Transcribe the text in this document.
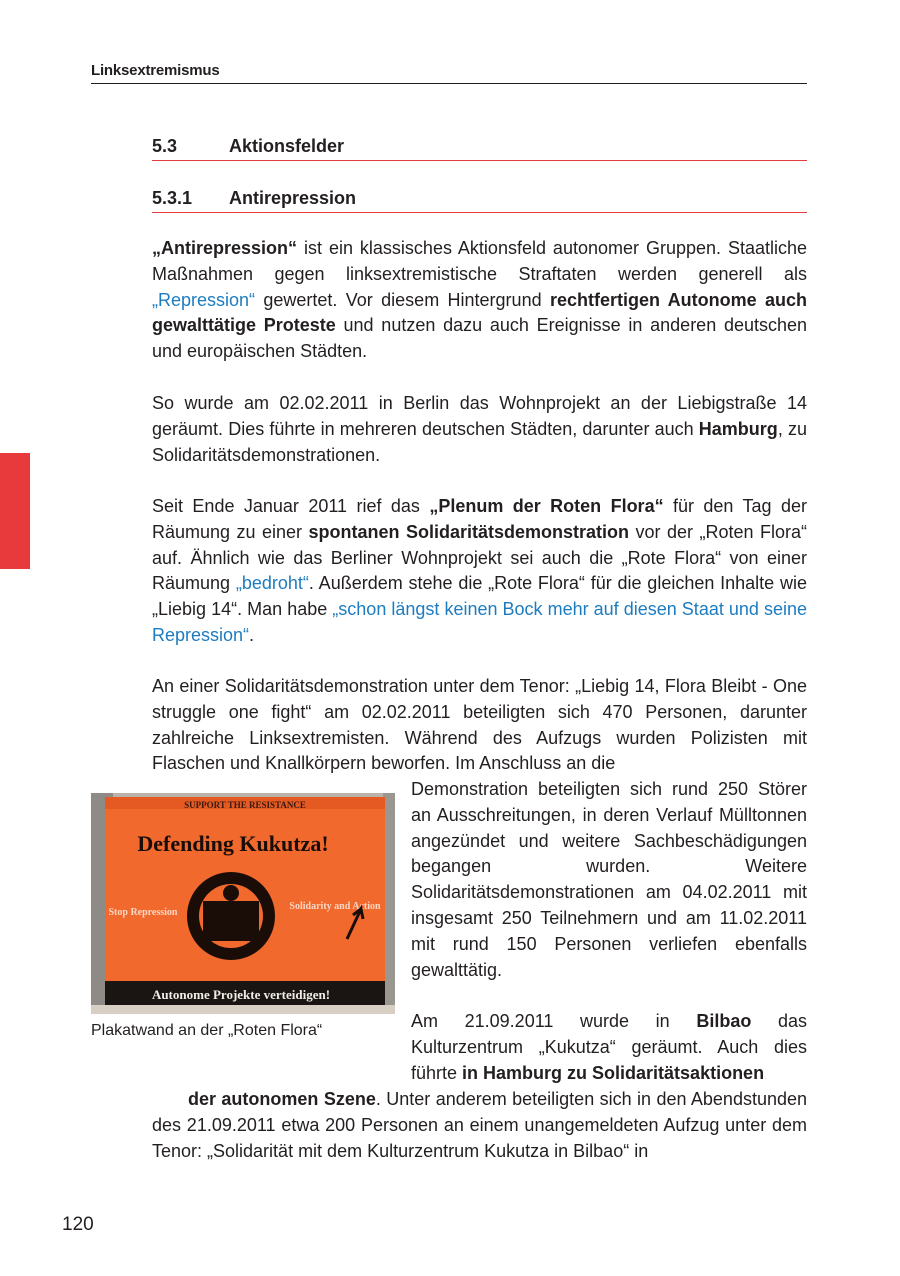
Linksextremismus
5.3	Aktionsfelder
5.3.1 Antirepression
„Antirepression“ ist ein klassisches Aktionsfeld autonomer Gruppen. Staatliche Maßnahmen gegen linksextremistische Straftaten werden generell als „Repression“ gewertet. Vor diesem Hintergrund rechtfertigen Autonome auch gewalttätige Proteste und nutzen dazu auch Ereignisse in anderen deutschen und europäischen Städten.
So wurde am 02.02.2011 in Berlin das Wohnprojekt an der Liebigstraße 14 geräumt. Dies führte in mehreren deutschen Städten, darunter auch Hamburg, zu Solidaritätsdemonstrationen.
Seit Ende Januar 2011 rief das „Plenum der Roten Flora“ für den Tag der Räumung zu einer spontanen Solidaritätsdemonstration vor der „Roten Flora“ auf. Ähnlich wie das Berliner Wohnprojekt sei auch die „Rote Flora“ von einer Räumung „bedroht“. Außerdem stehe die „Rote Flora“ für die gleichen Inhalte wie „Liebig 14“. Man habe „schon längst keinen Bock mehr auf diesen Staat und seine Repression“.
An einer Solidaritätsdemonstration unter dem Tenor: „Liebig 14, Flora Bleibt - One struggle one fight“ am 02.02.2011 beteiligten sich 470 Personen, darunter zahlreiche Linksextremisten. Während des Aufzugs wurden Polizisten mit Flaschen und Knallkörpern beworfen. Im Anschluss an die
Demonstration beteiligten sich rund 250 Störer an Ausschreitungen, in deren Verlauf Mülltonnen angezündet und weitere Sachbeschädigungen begangen wurden. Weitere Solidaritätsdemonstrationen am 04.02.2011 mit insgesamt 250 Teilnehmern und am 11.02.2011 mit rund 150 Personen verliefen ebenfalls gewalttätig.
SUPPORT THE RESISTANCE
Defending Kukutza!
Stop Repression
Solidarity and Action
Autonome Projekte verteidigen!
Plakatwand an der „Roten Flora“	Am 21.09.2011 wurde in Bilbao das Kulturzentrum „Kukutza“ geräumt. Auch dies führte in Hamburg zu Solidaritätsaktionen
der autonomen Szene. Unter anderem beteiligten sich in den Abendstunden des 21.09.2011 etwa 200 Personen an einem unangemeldeten Aufzug unter dem Tenor: „Solidarität mit dem Kulturzentrum Kukutza in Bilbao“ in
120
